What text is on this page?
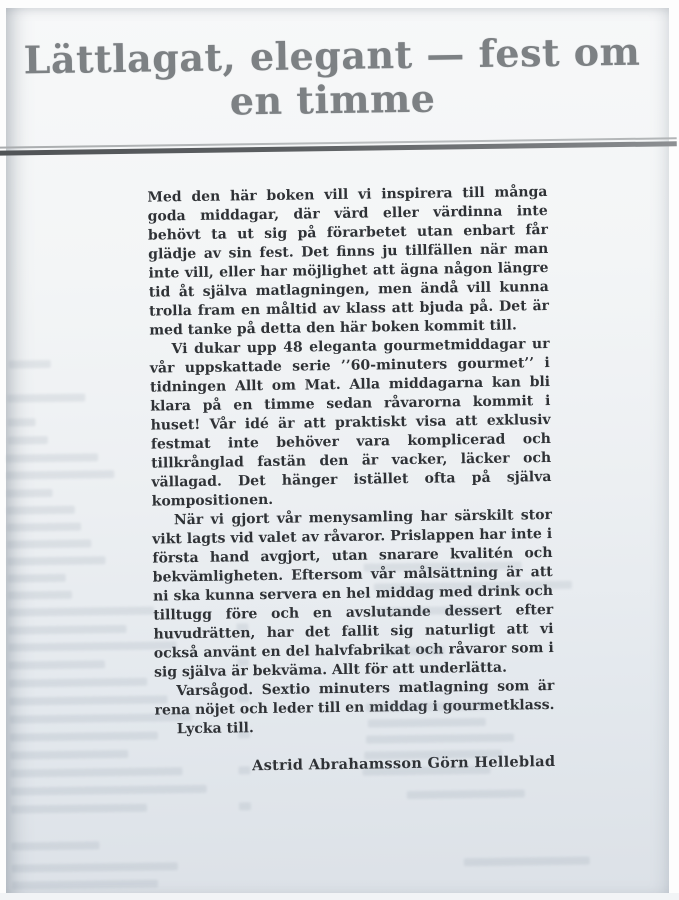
Lättlagat, elegant — fest om
en timme

Med den här boken vill vi inspirera till många goda middagar, där värd eller värdinna inte behövt ta ut sig på förarbetet utan enbart får glädje av sin fest. Det finns ju tillfällen när man inte vill, eller har möjlighet att ägna någon längre tid åt själva matlagningen, men ändå vill kunna trolla fram en måltid av klass att bjuda på. Det är med tanke på detta den här boken kommit till.

Vi dukar upp 48 eleganta gourmetmiddagar ur vår uppskattade serie ’’60-minuters gourmet’’ i tidningen Allt om Mat. Alla middagarna kan bli klara på en timme sedan råvarorna kommit i huset! Vår idé är att praktiskt visa att exklusiv festmat inte behöver vara komplicerad och tillkrånglad fastän den är vacker, läcker och vällagad. Det hänger istället ofta på själva kompositionen.

När vi gjort vår menysamling har särskilt stor vikt lagts vid valet av råvaror. Prislappen har inte i första hand avgjort, utan snarare kvalitén och bekvämligheten. Eftersom vår målsättning är att ni ska kunna servera en hel middag med drink och tilltugg före och en avslutande dessert efter huvudrätten, har det fallit sig naturligt att vi också använt en del halvfabrikat och råvaror som i sig själva är bekväma. Allt för att underlätta.

Varsågod. Sextio minuters matlagning som är rena nöjet och leder till en middag i gourmetklass.

Lycka till.

Astrid Abrahamsson Görn Helleblad
